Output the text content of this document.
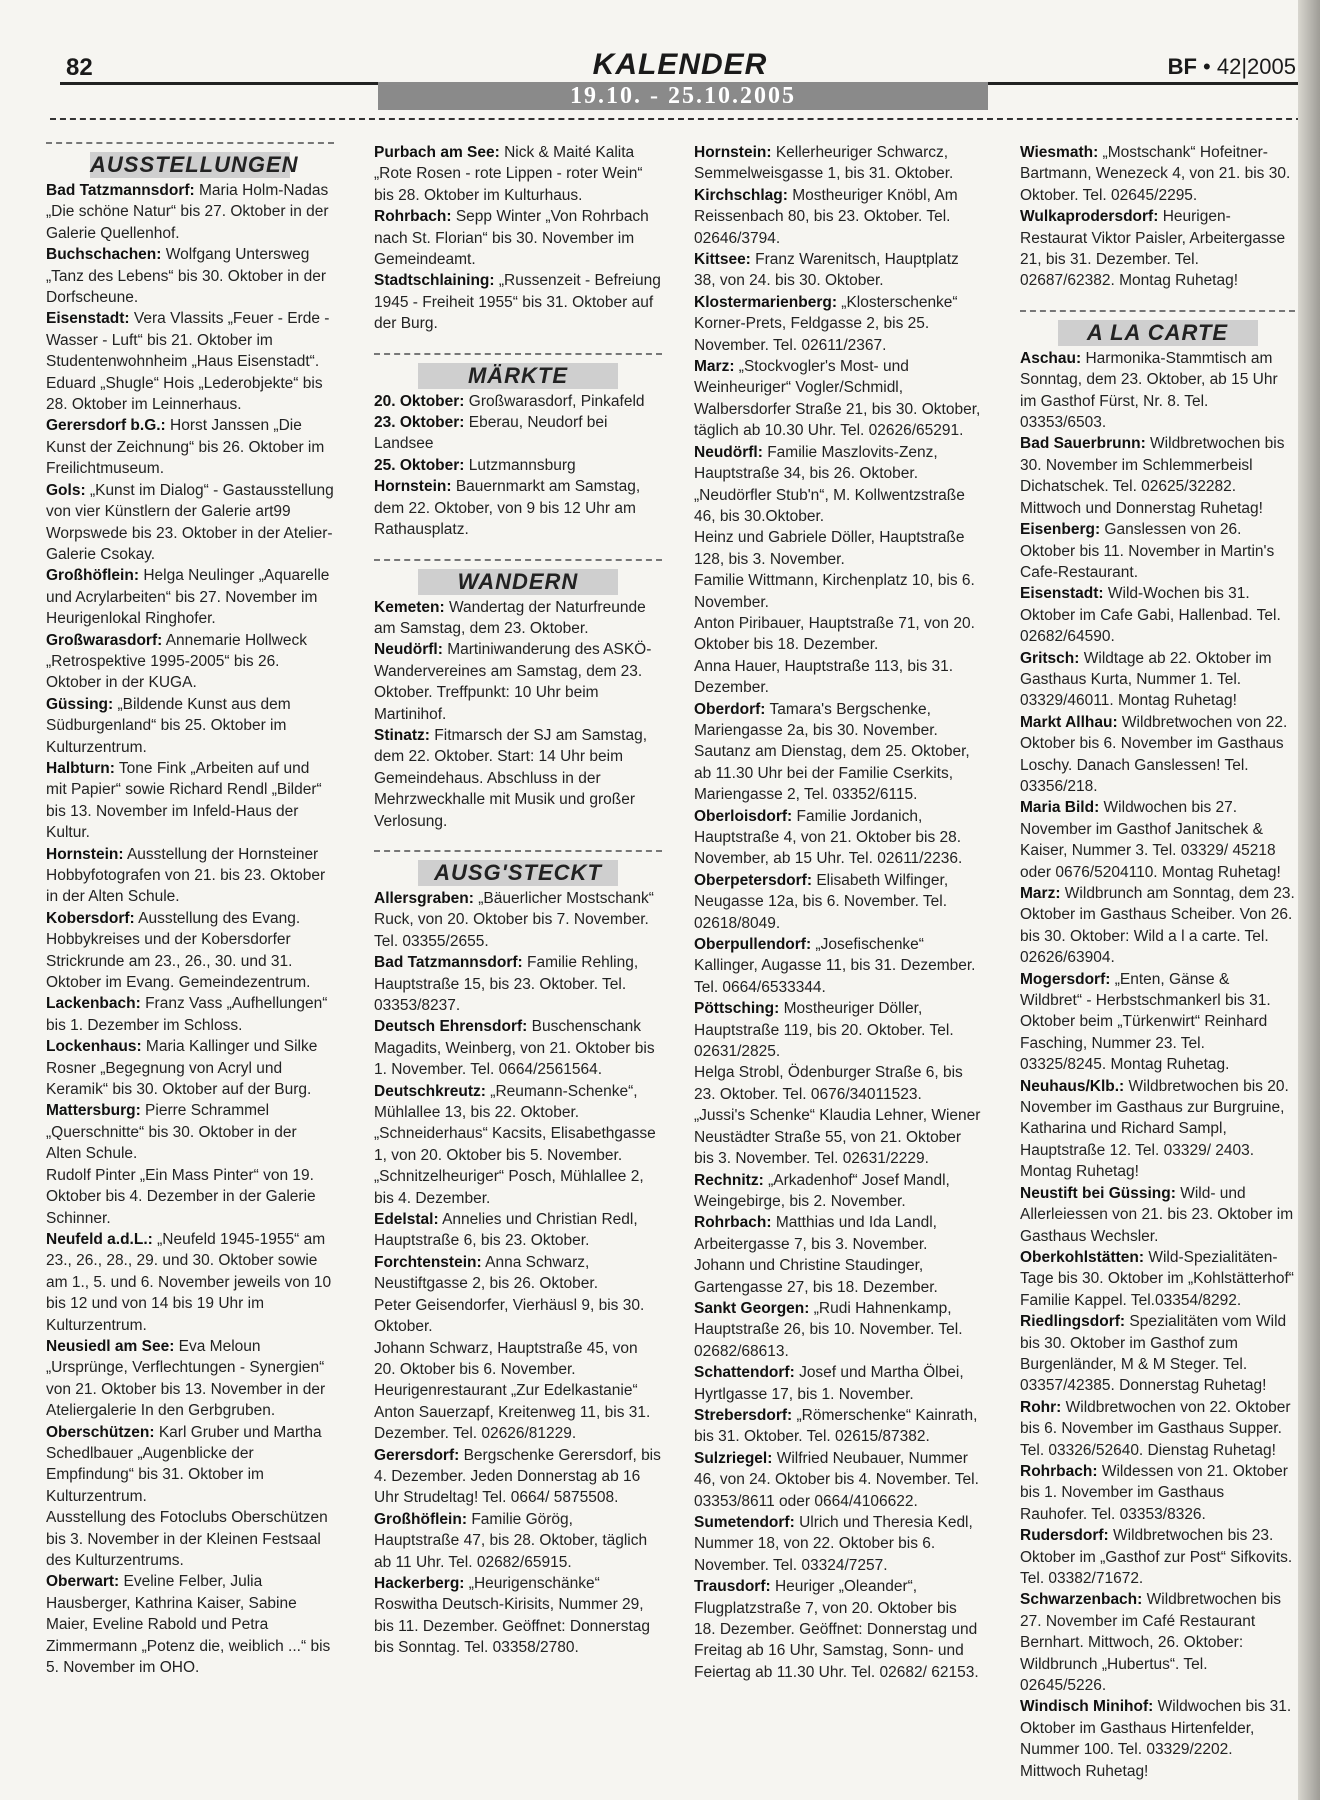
82	KALENDER	BF • 42|2005
19.10. - 25.10.2005
AUSSTELLUNGEN

Bad Tatzmannsdorf: Maria Holm-Nadas „Die schöne Natur“ bis 27. Oktober in der Galerie Quellenhof.

Buchschachen: Wolfgang Untersweg „Tanz des Lebens“ bis 30. Oktober in der Dorfscheune.

Eisenstadt: Vera Vlassits „Feuer - Erde - Wasser - Luft“ bis 21. Oktober im Studentenwohnheim „Haus Eisenstadt“.

Eduard „Shugle“ Hois „Lederobjekte“ bis 28. Oktober im Leinnerhaus.

Gerersdorf b.G.: Horst Janssen „Die Kunst der Zeichnung“ bis 26. Oktober im Freilichtmuseum.

Gols: „Kunst im Dialog“ - Gastausstellung von vier Künstlern der Galerie art99 Worpswede bis 23. Oktober in der Atelier-Galerie Csokay.

Großhöflein: Helga Neulinger „Aquarelle und Acrylarbeiten“ bis 27. November im Heurigenlokal Ringhofer.

Großwarasdorf: Annemarie Hollweck „Retrospektive 1995-2005“ bis 26. Oktober in der KUGA.

Güssing: „Bildende Kunst aus dem Südburgenland“ bis 25. Oktober im Kulturzentrum.

Halbturn: Tone Fink „Arbeiten auf und mit Papier“ sowie Richard Rendl „Bilder“ bis 13. November im Infeld-Haus der Kultur.

Hornstein: Ausstellung der Hornsteiner Hobbyfotografen von 21. bis 23. Oktober in der Alten Schule.

Kobersdorf: Ausstellung des Evang. Hobbykreises und der Kobersdorfer Strickrunde am 23., 26., 30. und 31. Oktober im Evang. Gemeindezentrum.

Lackenbach: Franz Vass „Aufhellungen“ bis 1. Dezember im Schloss.

Lockenhaus: Maria Kallinger und Silke Rosner „Begegnung von Acryl und Keramik“ bis 30. Oktober auf der Burg.

Mattersburg: Pierre Schrammel „Querschnitte“ bis 30. Oktober in der Alten Schule.

Rudolf Pinter „Ein Mass Pinter“ von 19. Oktober bis 4. Dezember in der Galerie Schinner.

Neufeld a.d.L.: „Neufeld 1945-1955“ am 23., 26., 28., 29. und 30. Oktober sowie am 1., 5. und 6. November jeweils von 10 bis 12 und von 14 bis 19 Uhr im Kulturzentrum.

Neusiedl am See: Eva Meloun „Ursprünge, Verflechtungen - Synergien“ von 21. Oktober bis 13. November in der Ateliergalerie In den Gerbgruben.

Oberschützen: Karl Gruber und Martha Schedlbauer „Augenblicke der Empfindung“ bis 31. Oktober im Kulturzentrum.

Ausstellung des Fotoclubs Oberschützen bis 3. November in der Kleinen Festsaal des Kulturzentrums.

Oberwart: Eveline Felber, Julia Hausberger, Kathrina Kaiser, Sabine Maier, Eveline Rabold und Petra Zimmermann „Potenz die, weiblich ...“ bis 5. November im OHO.

Purbach am See: Nick & Maité Kalita „Rote Rosen - rote Lippen - roter Wein“ bis 28. Oktober im Kulturhaus.

Rohrbach: Sepp Winter „Von Rohrbach nach St. Florian“ bis 30. November im Gemeindeamt.

Stadtschlaining: „Russenzeit - Befreiung 1945 - Freiheit 1955“ bis 31. Oktober auf der Burg.

MÄRKTE

20. Oktober: Großwarasdorf, Pinkafeld

23. Oktober: Eberau, Neudorf bei Landsee

25. Oktober: Lutzmannsburg

Hornstein: Bauernmarkt am Samstag, dem 22. Oktober, von 9 bis 12 Uhr am Rathausplatz.

WANDERN

Kemeten: Wandertag der Naturfreunde am Samstag, dem 23. Oktober.

Neudörfl: Martiniwanderung des ASKÖ-Wandervereines am Samstag, dem 23. Oktober. Treffpunkt: 10 Uhr beim Martinihof.

Stinatz: Fitmarsch der SJ am Samstag, dem 22. Oktober. Start: 14 Uhr beim Gemeindehaus. Abschluss in der Mehrzweckhalle mit Musik und großer Verlosung.

AUSG'STECKT

Allersgraben: „Bäuerlicher Mostschank“ Ruck, von 20. Oktober bis 7. November. Tel. 03355/2655.

Bad Tatzmannsdorf: Familie Rehling, Hauptstraße 15, bis 23. Oktober. Tel. 03353/8237.

Deutsch Ehrensdorf: Buschenschank Magadits, Weinberg, von 21. Oktober bis 1. November. Tel. 0664/2561564.

Deutschkreutz: „Reumann-Schenke“, Mühlallee 13, bis 22. Oktober.

„Schneiderhaus“ Kacsits, Elisabethgasse 1, von 20. Oktober bis 5. November.

„Schnitzelheuriger“ Posch, Mühlallee 2, bis 4. Dezember.

Edelstal: Annelies und Christian Redl, Hauptstraße 6, bis 23. Oktober.

Forchtenstein: Anna Schwarz, Neustiftgasse 2, bis 26. Oktober.

Peter Geisendorfer, Vierhäusl 9, bis 30. Oktober.

Johann Schwarz, Hauptstraße 45, von 20. Oktober bis 6. November.

Heurigenrestaurant „Zur Edelkastanie“ Anton Sauerzapf, Kreitenweg 11, bis 31. Dezember. Tel. 02626/81229.

Gerersdorf: Bergschenke Gerersdorf, bis 4. Dezember. Jeden Donnerstag ab 16 Uhr Strudeltag! Tel. 0664/ 5875508.

Großhöflein: Familie Görög, Hauptstraße 47, bis 28. Oktober, täglich ab 11 Uhr. Tel. 02682/65915.

Hackerberg: „Heurigenschänke“ Roswitha Deutsch-Kirisits, Nummer 29, bis 11. Dezember. Geöffnet: Donnerstag bis Sonntag. Tel. 03358/2780.

Hornstein: Kellerheuriger Schwarcz, Semmelweisgasse 1, bis 31. Oktober.

Kirchschlag: Mostheuriger Knöbl, Am Reissenbach 80, bis 23. Oktober. Tel. 02646/3794.

Kittsee: Franz Warenitsch, Hauptplatz 38, von 24. bis 30. Oktober.

Klostermarienberg: „Klosterschenke“ Korner-Prets, Feldgasse 2, bis 25. November. Tel. 02611/2367.

Marz: „Stockvogler's Most- und Weinheuriger“ Vogler/Schmidl, Walbersdorfer Straße 21, bis 30. Oktober, täglich ab 10.30 Uhr. Tel. 02626/65291.

Neudörfl: Familie Maszlovits-Zenz, Hauptstraße 34, bis 26. Oktober.

„Neudörfler Stub'n“, M. Kollwentzstraße 46, bis 30.Oktober.

Heinz und Gabriele Döller, Hauptstraße 128, bis 3. November.

Familie Wittmann, Kirchenplatz 10, bis 6. November.

Anton Piribauer, Hauptstraße 71, von 20. Oktober bis 18. Dezember.

Anna Hauer, Hauptstraße 113, bis 31. Dezember.

Oberdorf: Tamara's Bergschenke, Mariengasse 2a, bis 30. November. Sautanz am Dienstag, dem 25. Oktober, ab 11.30 Uhr bei der Familie Cserkits, Mariengasse 2, Tel. 03352/6115.

Oberloisdorf: Familie Jordanich, Hauptstraße 4, von 21. Oktober bis 28. November, ab 15 Uhr. Tel. 02611/2236.

Oberpetersdorf: Elisabeth Wilfinger, Neugasse 12a, bis 6. November. Tel. 02618/8049.

Oberpullendorf: „Josefischenke“ Kallinger, Augasse 11, bis 31. Dezember. Tel. 0664/6533344.

Pöttsching: Mostheuriger Döller, Hauptstraße 119, bis 20. Oktober. Tel. 02631/2825.

Helga Strobl, Ödenburger Straße 6, bis 23. Oktober. Tel. 0676/34011523.

„Jussi's Schenke“ Klaudia Lehner, Wiener Neustädter Straße 55, von 21. Oktober bis 3. November. Tel. 02631/2229.

Rechnitz: „Arkadenhof“ Josef Mandl, Weingebirge, bis 2. November.

Rohrbach: Matthias und Ida Landl, Arbeitergasse 7, bis 3. November.

Johann und Christine Staudinger, Gartengasse 27, bis 18. Dezember.

Sankt Georgen: „Rudi Hahnenkamp, Hauptstraße 26, bis 10. November. Tel. 02682/68613.

Schattendorf: Josef und Martha Ölbei, Hyrtlgasse 17, bis 1. November.

Strebersdorf: „Römerschenke“ Kainrath, bis 31. Oktober. Tel. 02615/87382.

Sulzriegel: Wilfried Neubauer, Nummer 46, von 24. Oktober bis 4. November. Tel. 03353/8611 oder 0664/4106622.

Sumetendorf: Ulrich und Theresia Kedl, Nummer 18, von 22. Oktober bis 6. November. Tel. 03324/7257.

Trausdorf: Heuriger „Oleander“, Flugplatzstraße 7, von 20. Oktober bis 18. Dezember. Geöffnet: Donnerstag und Freitag ab 16 Uhr, Samstag, Sonn- und Feiertag ab 11.30 Uhr. Tel. 02682/ 62153.

Wiesmath: „Mostschank“ Hofeitner-Bartmann, Wenezeck 4, von 21. bis 30. Oktober. Tel. 02645/2295.

Wulkaprodersdorf: Heurigen-Restaurat Viktor Paisler, Arbeitergasse 21, bis 31. Dezember. Tel. 02687/62382. Montag Ruhetag!

A LA CARTE

Aschau: Harmonika-Stammtisch am Sonntag, dem 23. Oktober, ab 15 Uhr im Gasthof Fürst, Nr. 8. Tel. 03353/6503.

Bad Sauerbrunn: Wildbretwochen bis 30. November im Schlemmerbeisl Dichatschek. Tel. 02625/32282. Mittwoch und Donnerstag Ruhetag!

Eisenberg: Ganslessen von 26. Oktober bis 11. November in Martin's Cafe-Restaurant.

Eisenstadt: Wild-Wochen bis 31. Oktober im Cafe Gabi, Hallenbad. Tel. 02682/64590.

Gritsch: Wildtage ab 22. Oktober im Gasthaus Kurta, Nummer 1. Tel. 03329/46011. Montag Ruhetag!

Markt Allhau: Wildbretwochen von 22. Oktober bis 6. November im Gasthaus Loschy. Danach Ganslessen! Tel. 03356/218.

Maria Bild: Wildwochen bis 27. November im Gasthof Janitschek & Kaiser, Nummer 3. Tel. 03329/ 45218 oder 0676/5204110. Montag Ruhetag!

Marz: Wildbrunch am Sonntag, dem 23. Oktober im Gasthaus Scheiber. Von 26. bis 30. Oktober: Wild a l a carte. Tel. 02626/63904.

Mogersdorf: „Enten, Gänse & Wildbret“ - Herbstschmankerl bis 31. Oktober beim „Türkenwirt“ Reinhard Fasching, Nummer 23. Tel. 03325/8245. Montag Ruhetag.

Neuhaus/Klb.: Wildbretwochen bis 20. November im Gasthaus zur Burgruine, Katharina und Richard Sampl, Hauptstraße 12. Tel. 03329/ 2403. Montag Ruhetag!

Neustift bei Güssing: Wild- und Allerleiessen von 21. bis 23. Oktober im Gasthaus Wechsler.

Oberkohlstätten: Wild-Spezialitäten-Tage bis 30. Oktober im „Kohlstätterhof“ Familie Kappel. Tel.03354/8292.

Riedlingsdorf: Spezialitäten vom Wild bis 30. Oktober im Gasthof zum Burgenländer, M & M Steger. Tel. 03357/42385. Donnerstag Ruhetag!

Rohr: Wildbretwochen von 22. Oktober bis 6. November im Gasthaus Supper. Tel. 03326/52640. Dienstag Ruhetag!

Rohrbach: Wildessen von 21. Oktober bis 1. November im Gasthaus Rauhofer. Tel. 03353/8326.

Rudersdorf: Wildbretwochen bis 23. Oktober im „Gasthof zur Post“ Sifkovits. Tel. 03382/71672.

Schwarzenbach: Wildbretwochen bis 27. November im Café Restaurant Bernhart. Mittwoch, 26. Oktober: Wildbrunch „Hubertus“. Tel. 02645/5226.

Windisch Minihof: Wildwochen bis 31. Oktober im Gasthaus Hirtenfelder, Nummer 100. Tel. 03329/2202. Mittwoch Ruhetag!
